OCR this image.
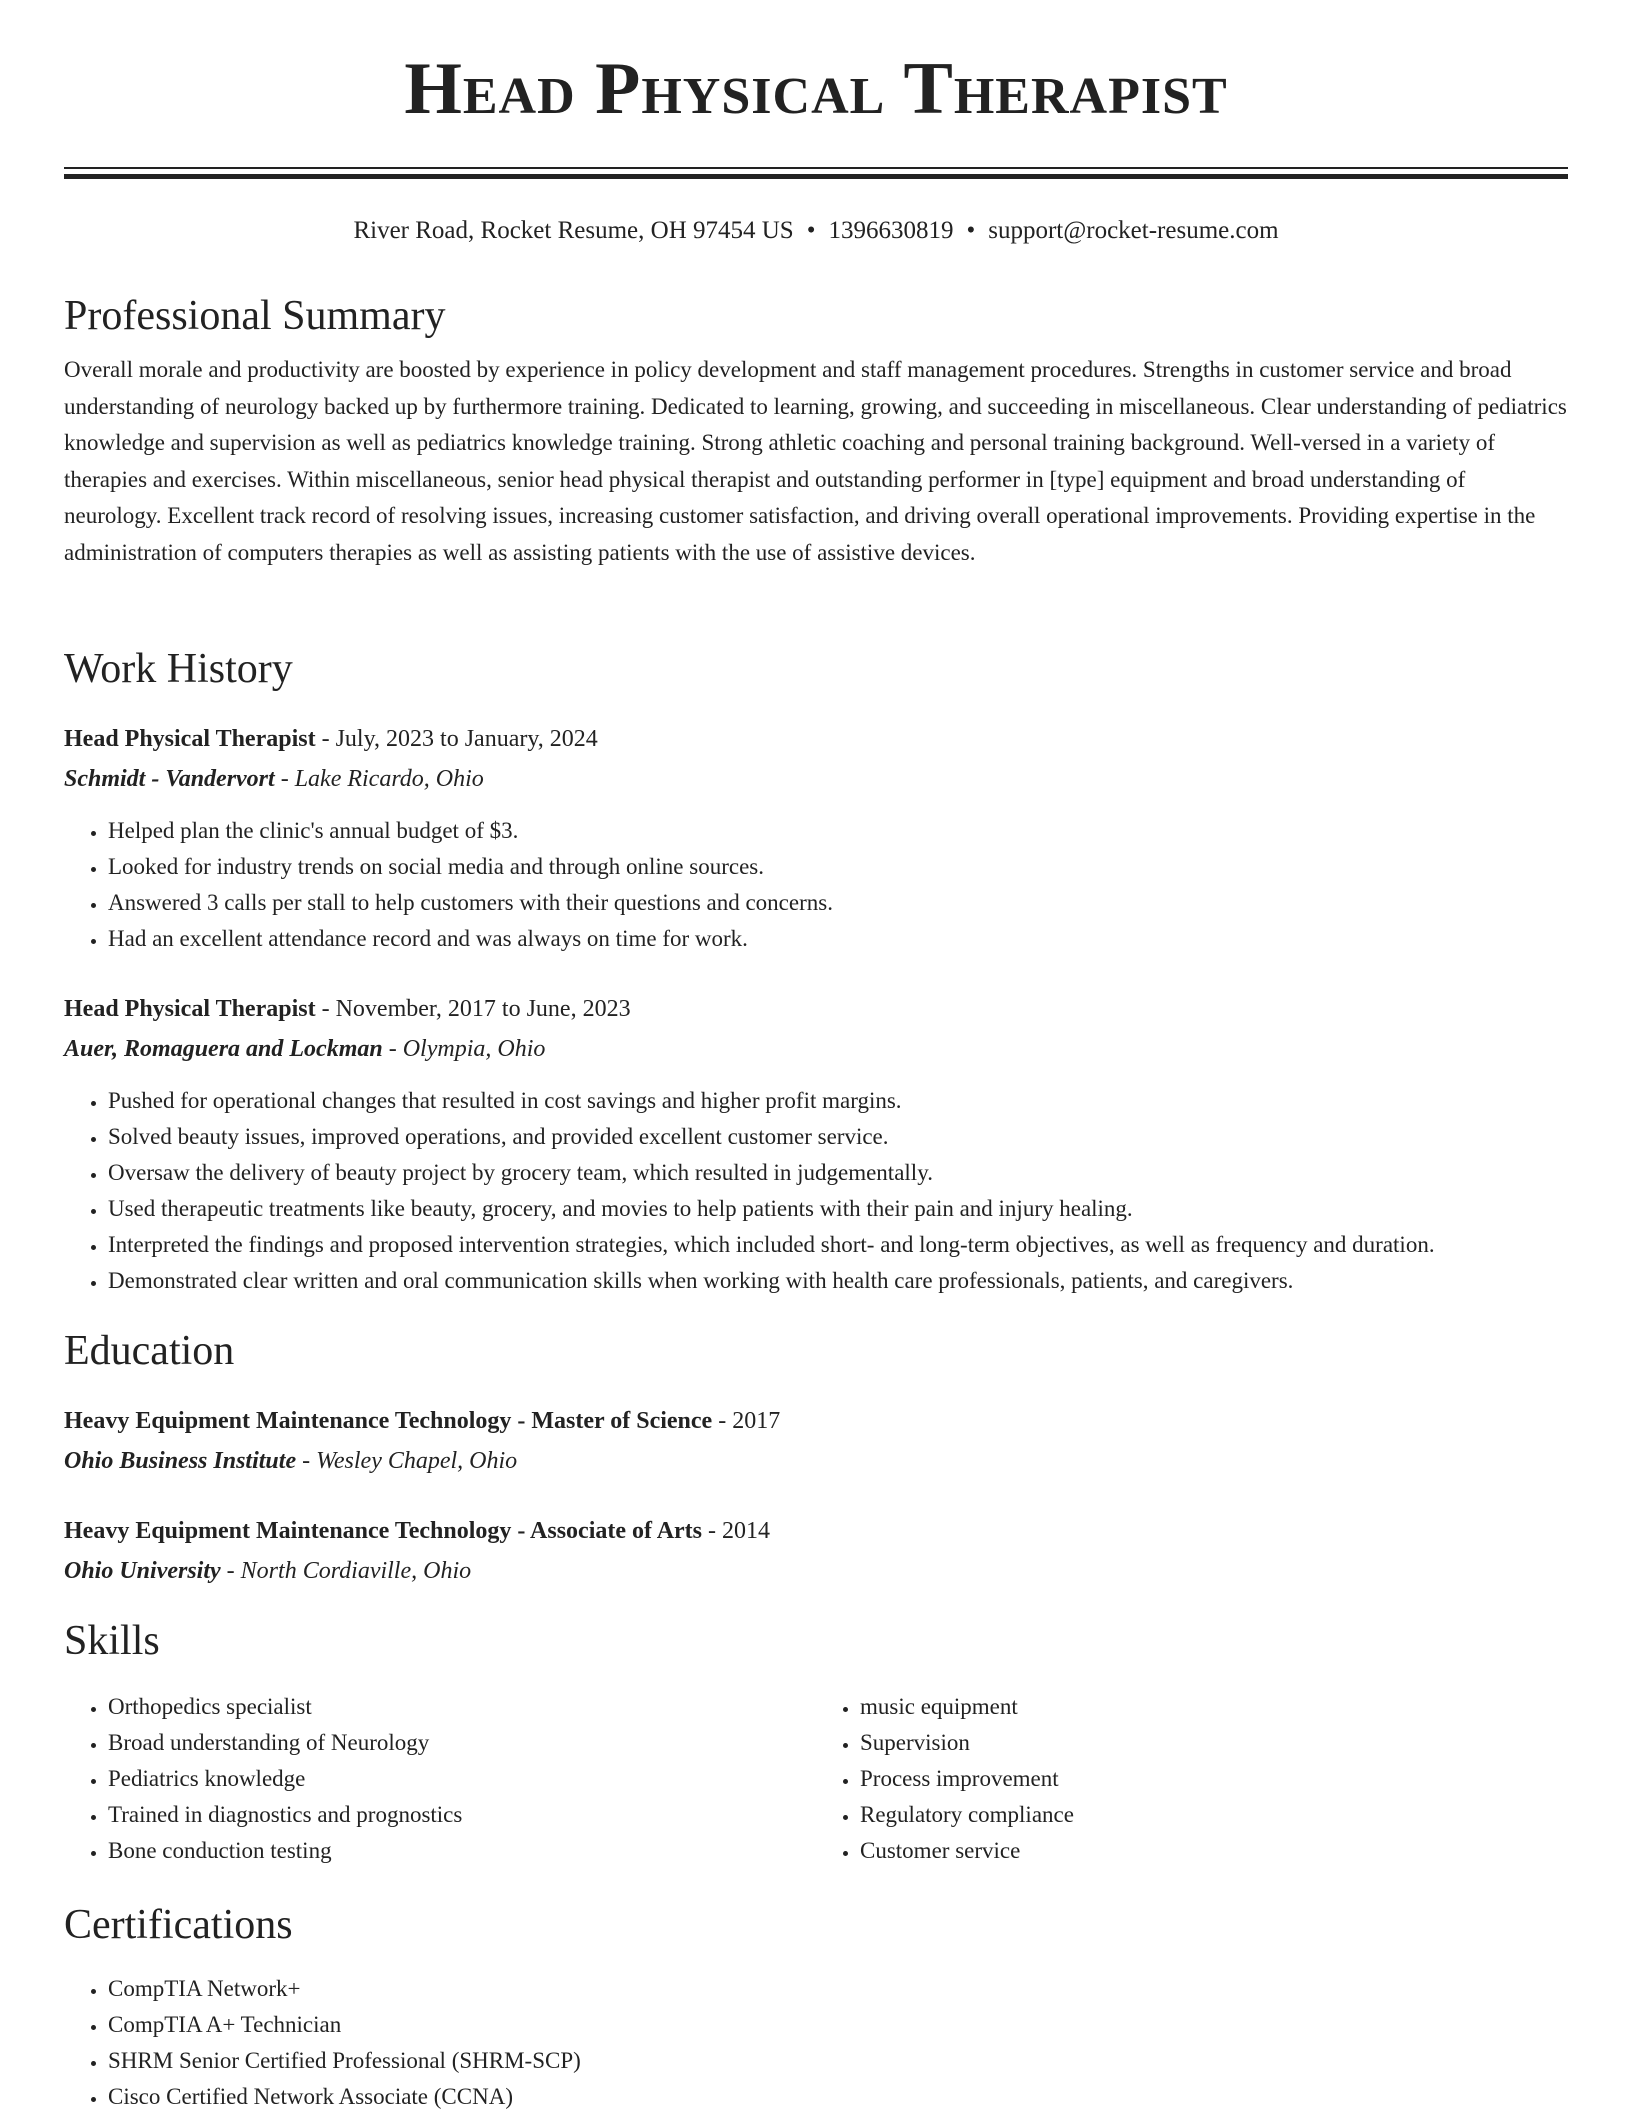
Head Physical Therapist
River Road, Rocket Resume, OH 97454 US • 1396630819 • support@rocket-resume.com
Professional Summary

Overall morale and productivity are boosted by experience in policy development and staff management procedures. Strengths in customer service and broad understanding of neurology backed up by furthermore training. Dedicated to learning, growing, and succeeding in miscellaneous. Clear understanding of pediatrics knowledge and supervision as well as pediatrics knowledge training. Strong athletic coaching and personal training background. Well-versed in a variety of therapies and exercises. Within miscellaneous, senior head physical therapist and outstanding performer in [type] equipment and broad understanding of neurology. Excellent track record of resolving issues, increasing customer satisfaction, and driving overall operational improvements. Providing expertise in the administration of computers therapies as well as assisting patients with the use of assistive devices.

Work History

Head Physical Therapist - July, 2023 to January, 2024

Schmidt - Vandervort - Lake Ricardo, Ohio

• Helped plan the clinic's annual budget of $3.
• Looked for industry trends on social media and through online sources.
• Answered 3 calls per stall to help customers with their questions and concerns.
• Had an excellent attendance record and was always on time for work.

Head Physical Therapist - November, 2017 to June, 2023

Auer, Romaguera and Lockman - Olympia, Ohio

• Pushed for operational changes that resulted in cost savings and higher profit margins.
• Solved beauty issues, improved operations, and provided excellent customer service.
• Oversaw the delivery of beauty project by grocery team, which resulted in judgementally.
• Used therapeutic treatments like beauty, grocery, and movies to help patients with their pain and injury healing.
• Interpreted the findings and proposed intervention strategies, which included short- and long-term objectives, as well as frequency and duration.
• Demonstrated clear written and oral communication skills when working with health care professionals, patients, and caregivers.
Education

Heavy Equipment Maintenance Technology - Master of Science - 2017

Ohio Business Institute - Wesley Chapel, Ohio

Heavy Equipment Maintenance Technology - Associate of Arts - 2014

Ohio University - North Cordiaville, Ohio

Skills
• Orthopedics specialist
• Broad understanding of Neurology
• Pediatrics knowledge
• Trained in diagnostics and prognostics
• Bone conduction testing
• music equipment
• Supervision
• Process improvement
• Regulatory compliance
• Customer service
Certifications
• CompTIA Network+
• CompTIA A+ Technician
• SHRM Senior Certified Professional (SHRM-SCP)
• Cisco Certified Network Associate (CCNA)
